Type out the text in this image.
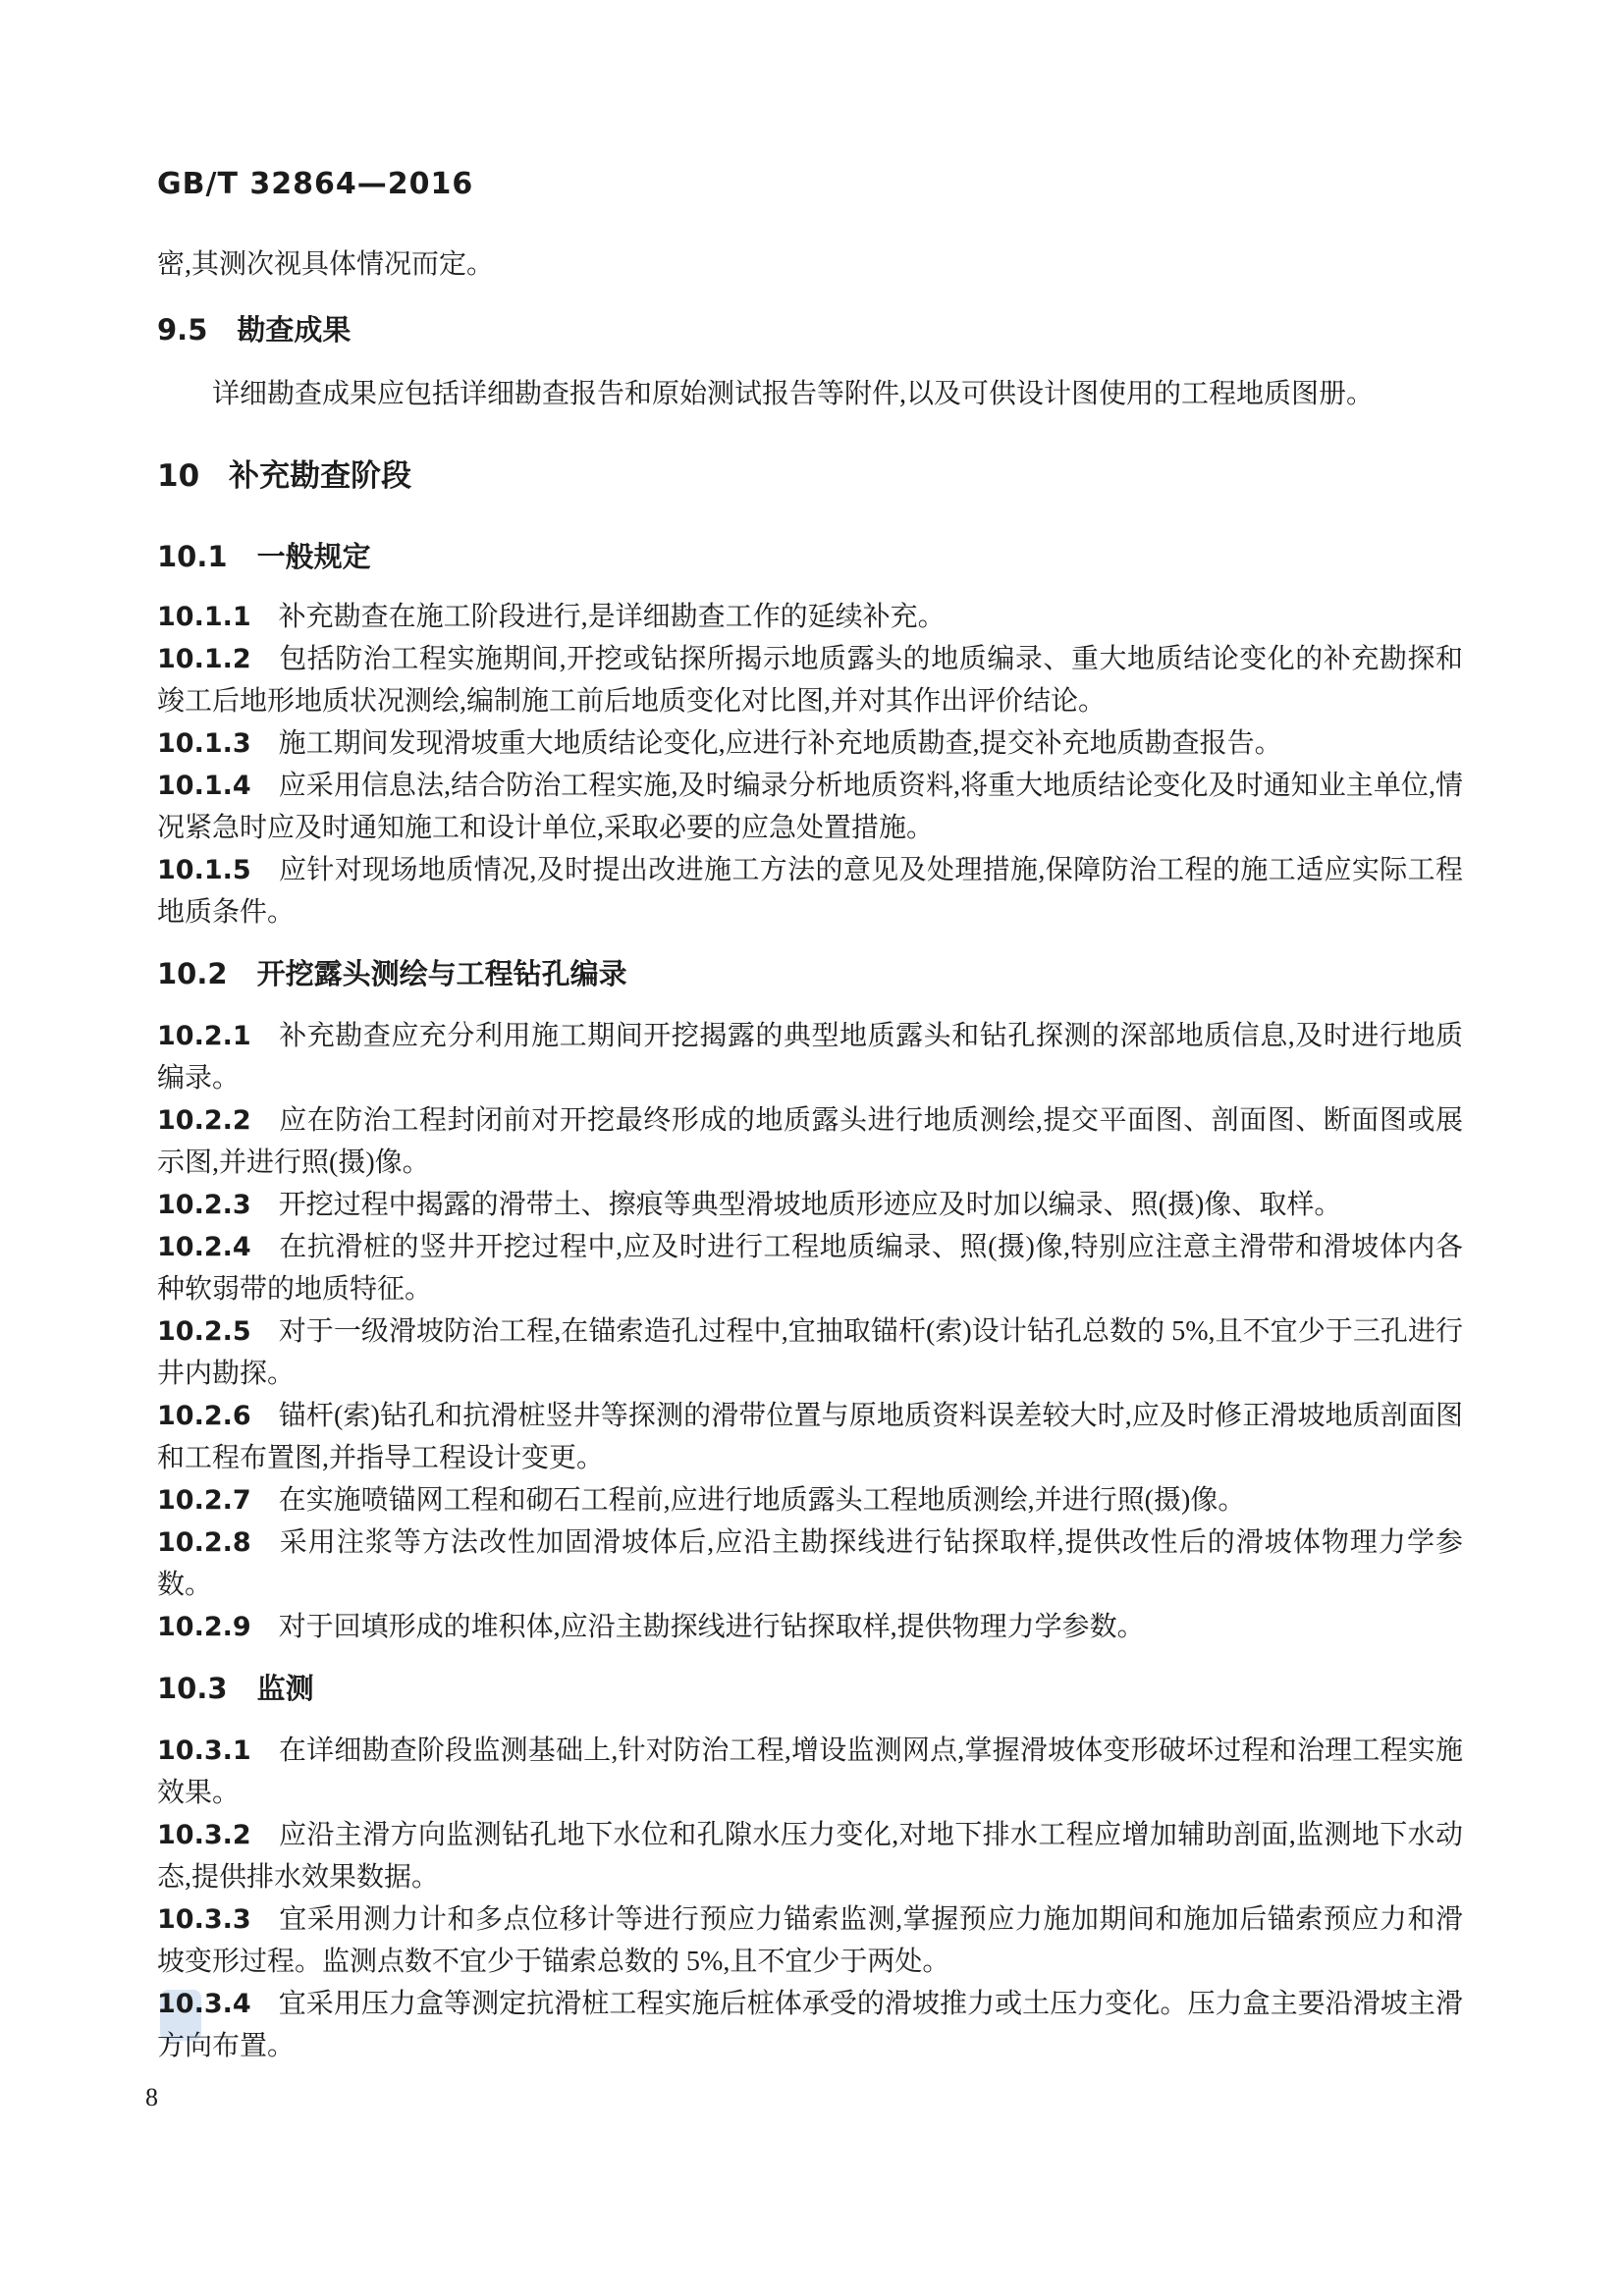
GB/T 32864—2016

密,其测次视具体情况而定。

9.5 勘查成果

详细勘查成果应包括详细勘查报告和原始测试报告等附件,以及可供设计图使用的工程地质图册。

10 补充勘查阶段
10.1 一般规定

10.1.1 补充勘查在施工阶段进行,是详细勘查工作的延续补充。

10.1.2 包括防治工程实施期间,开挖或钻探所揭示地质露头的地质编录、重大地质结论变化的补充勘探和竣工后地形地质状况测绘,编制施工前后地质变化对比图,并对其作出评价结论。

10.1.3 施工期间发现滑坡重大地质结论变化,应进行补充地质勘查,提交补充地质勘查报告。

10.1.4 应采用信息法,结合防治工程实施,及时编录分析地质资料,将重大地质结论变化及时通知业主单位,情况紧急时应及时通知施工和设计单位,采取必要的应急处置措施。

10.1.5 应针对现场地质情况,及时提出改进施工方法的意见及处理措施,保障防治工程的施工适应实际工程地质条件。

10.2 开挖露头测绘与工程钻孔编录

10.2.1 补充勘查应充分利用施工期间开挖揭露的典型地质露头和钻孔探测的深部地质信息,及时进行地质编录。

10.2.2 应在防治工程封闭前对开挖最终形成的地质露头进行地质测绘,提交平面图、剖面图、断面图或展示图,并进行照(摄)像。

10.2.3 开挖过程中揭露的滑带土、擦痕等典型滑坡地质形迹应及时加以编录、照(摄)像、取样。

10.2.4 在抗滑桩的竖井开挖过程中,应及时进行工程地质编录、照(摄)像,特别应注意主滑带和滑坡体内各种软弱带的地质特征。

10.2.5 对于一级滑坡防治工程,在锚索造孔过程中,宜抽取锚杆(索)设计钻孔总数的 5%,且不宜少于三孔进行井内勘探。

10.2.6 锚杆(索)钻孔和抗滑桩竖井等探测的滑带位置与原地质资料误差较大时,应及时修正滑坡地质剖面图和工程布置图,并指导工程设计变更。

10.2.7 在实施喷锚网工程和砌石工程前,应进行地质露头工程地质测绘,并进行照(摄)像。

10.2.8 采用注浆等方法改性加固滑坡体后,应沿主勘探线进行钻探取样,提供改性后的滑坡体物理力学参数。

10.2.9 对于回填形成的堆积体,应沿主勘探线进行钻探取样,提供物理力学参数。

10.3 监测

10.3.1 在详细勘查阶段监测基础上,针对防治工程,增设监测网点,掌握滑坡体变形破坏过程和治理工程实施效果。

10.3.2 应沿主滑方向监测钻孔地下水位和孔隙水压力变化,对地下排水工程应增加辅助剖面,监测地下水动态,提供排水效果数据。

10.3.3 宜采用测力计和多点位移计等进行预应力锚索监测,掌握预应力施加期间和施加后锚索预应力和滑坡变形过程。监测点数不宜少于锚索总数的 5%,且不宜少于两处。

10.3.4 宜采用压力盒等测定抗滑桩工程实施后桩体承受的滑坡推力或土压力变化。压力盒主要沿滑坡主滑方向布置。

8
